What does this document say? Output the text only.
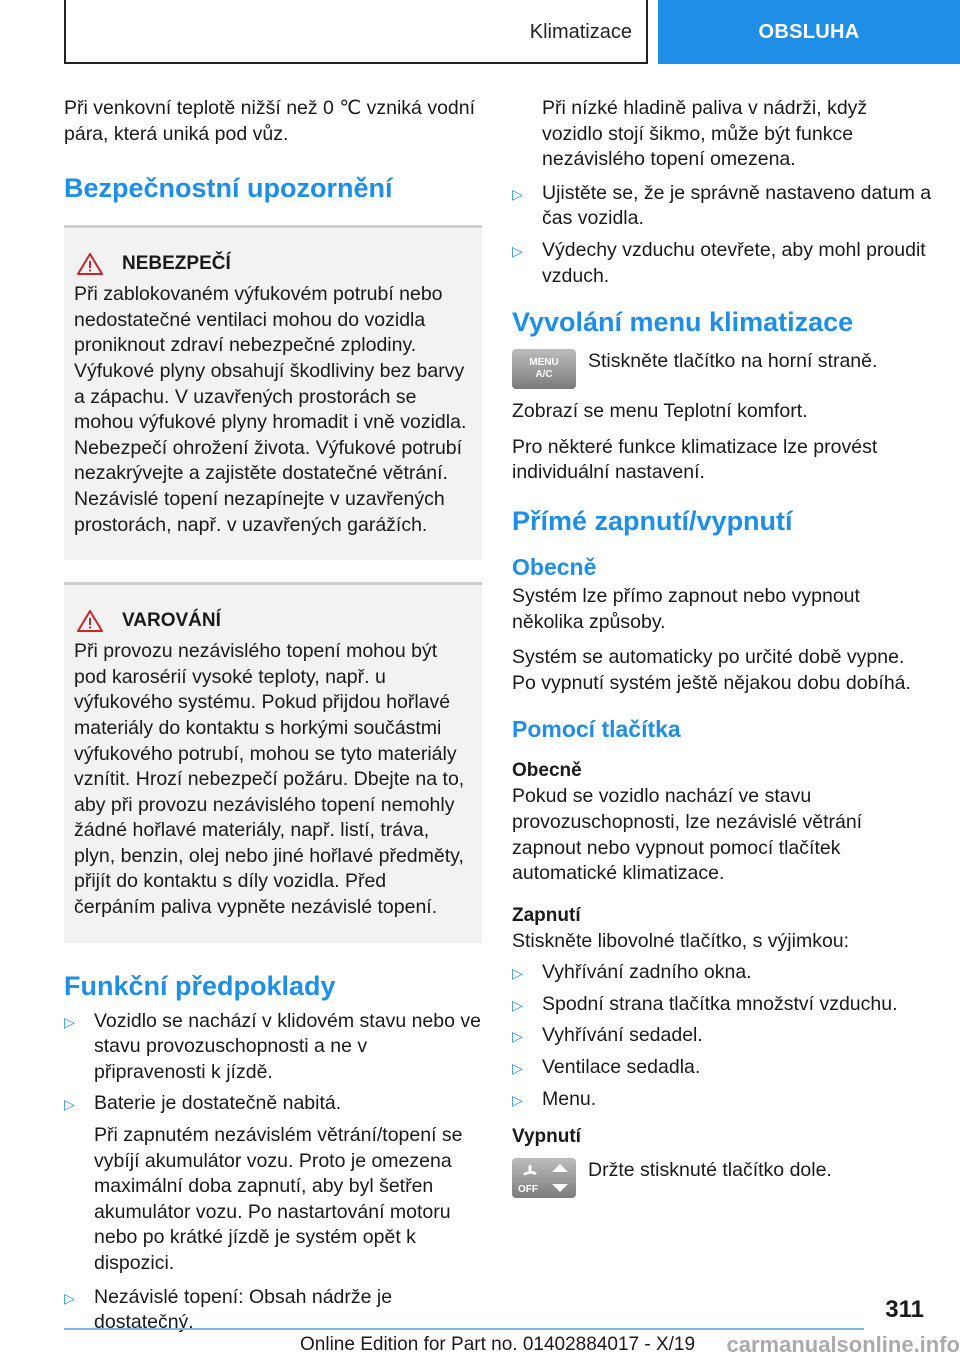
Klimatizace	OBSLUHA

Při venkovní teplotě nižší než 0 ℃ vzniká vodní pára, která uniká pod vůz.

Bezpečnostní upozornění
NEBEZPEČÍ

Při zablokovaném výfukovém potrubí nebo nedostatečné ventilaci mohou do vozidla proniknout zdraví nebezpečné zplodiny. Výfukové plyny obsahují škodliviny bez barvy a zápachu. V uzavřených prostorách se mohou výfukové plyny hromadit i vně vozidla. Nebezpečí ohrožení života. Výfukové potrubí nezakrývejte a zajistěte dostatečné větrání. Nezávislé topení nezapínejte v uzavřených prostorách, např. v uzavřených garážích.

VAROVÁNÍ

Při provozu nezávislého topení mohou být pod karosérií vysoké teploty, např. u výfukového systému. Pokud přijdou hořlavé materiály do kontaktu s horkými součástmi výfukového potrubí, mohou se tyto materiály vznítit. Hrozí nebezpečí požáru. Dbejte na to, aby při provozu nezávislého topení nemohly žádné hořlavé materiály, např. listí, tráva, plyn, benzin, olej nebo jiné hořlavé předměty, přijít do kontaktu s díly vozidla. Před čerpáním paliva vypněte nezávislé topení.

Funkční předpoklady
▷ Vozidlo se nachází v klidovém stavu nebo ve stavu provozuschopnosti a ne v připravenosti k jízdě.
▷ Baterie je dostatečně nabitá.

Při zapnutém nezávislém větrání/topení se vybíjí akumulátor vozu. Proto je omezena maximální doba zapnutí, aby byl šetřen akumulátor vozu. Po nastartování motoru nebo po krátké jízdě je systém opět k dispozici.

▷ Nezávislé topení: Obsah nádrže je dostatečný.

Při nízké hladině paliva v nádrži, když vozidlo stojí šikmo, může být funkce nezávislého topení omezena.

▷ Ujistěte se, že je správně nastaveno datum a čas vozidla.
▷ Výdechy vzduchu otevřete, aby mohl proudit vzduch.
Vyvolání menu klimatizace
MENU
A/C

Stiskněte tlačítko na horní straně.

Zobrazí se menu Teplotní komfort.

Pro některé funkce klimatizace lze provést individuální nastavení.

Přímé zapnutí/vypnutí
Obecně

Systém lze přímo zapnout nebo vypnout několika způsoby.

Systém se automaticky po určité době vypne. Po vypnutí systém ještě nějakou dobu dobíhá.

Pomocí tlačítka
Obecně

Pokud se vozidlo nachází ve stavu provozuschopnosti, lze nezávislé větrání zapnout nebo vypnout pomocí tlačítek automatické klimatizace.

Zapnutí

Stiskněte libovolné tlačítko, s výjimkou:

▷ Vyhřívání zadního okna.
▷ Spodní strana tlačítka množství vzduchu.
▷ Vyhřívání sedadel.
▷ Ventilace sedadla.
▷ Menu.
Vypnutí
OFF

Držte stisknuté tlačítko dole.

311
Online Edition for Part no. 01402884017 - X/19 carmanualsonline.info
